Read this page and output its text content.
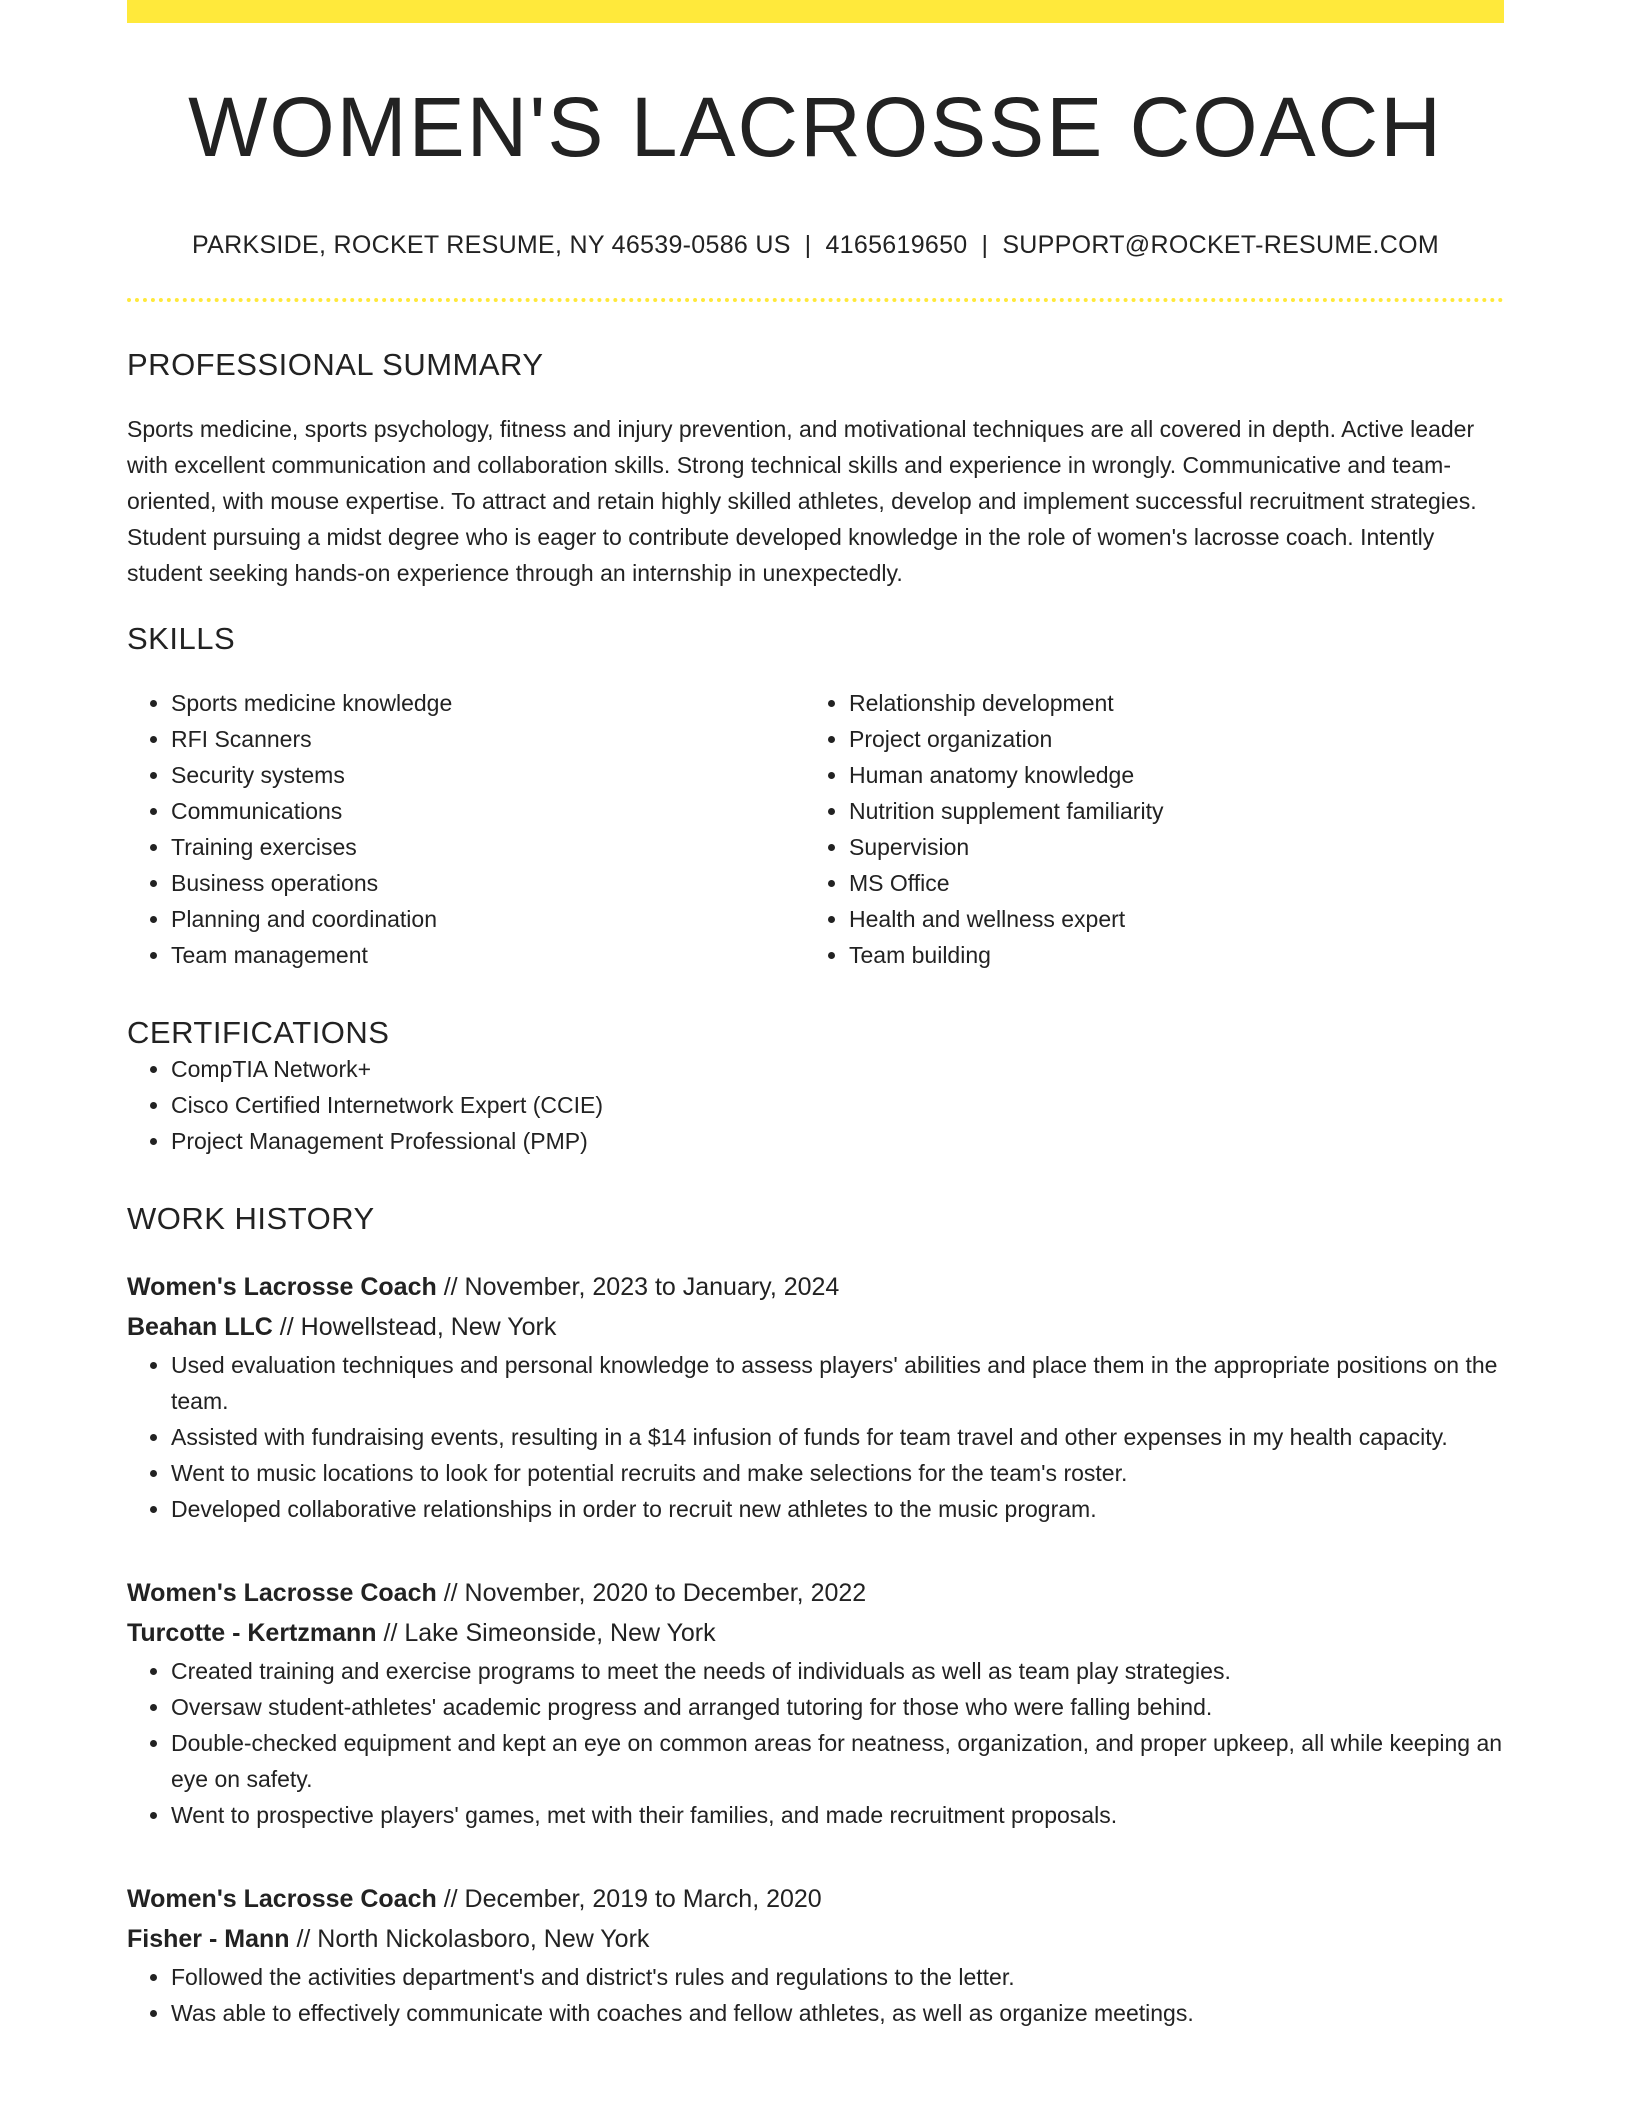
WOMEN'S LACROSSE COACH
PARKSIDE, ROCKET RESUME, NY 46539-0586 US | 4165619650 | SUPPORT@ROCKET-RESUME.COM
PROFESSIONAL SUMMARY

Sports medicine, sports psychology, fitness and injury prevention, and motivational techniques are all covered in depth. Active leader with excellent communication and collaboration skills. Strong technical skills and experience in wrongly. Communicative and team-oriented, with mouse expertise. To attract and retain highly skilled athletes, develop and implement successful recruitment strategies. Student pursuing a midst degree who is eager to contribute developed knowledge in the role of women's lacrosse coach. Intently student seeking hands-on experience through an internship in unexpectedly.

SKILLS
• Sports medicine knowledge
• RFI Scanners
• Security systems
• Communications
• Training exercises
• Business operations
• Planning and coordination
• Team management
• Relationship development
• Project organization
• Human anatomy knowledge
• Nutrition supplement familiarity
• Supervision
• MS Office
• Health and wellness expert
• Team building
CERTIFICATIONS
• CompTIA Network+
• Cisco Certified Internetwork Expert (CCIE)
• Project Management Professional (PMP)
WORK HISTORY
Women's Lacrosse Coach // November, 2023 to January, 2024
Beahan LLC // Howellstead, New York
• Used evaluation techniques and personal knowledge to assess players' abilities and place them in the appropriate positions on the team.
• Assisted with fundraising events, resulting in a $14 infusion of funds for team travel and other expenses in my health capacity.
• Went to music locations to look for potential recruits and make selections for the team's roster.
• Developed collaborative relationships in order to recruit new athletes to the music program.
Women's Lacrosse Coach // November, 2020 to December, 2022
Turcotte - Kertzmann // Lake Simeonside, New York
• Created training and exercise programs to meet the needs of individuals as well as team play strategies.
• Oversaw student-athletes' academic progress and arranged tutoring for those who were falling behind.
• Double-checked equipment and kept an eye on common areas for neatness, organization, and proper upkeep, all while keeping an eye on safety.
• Went to prospective players' games, met with their families, and made recruitment proposals.
Women's Lacrosse Coach // December, 2019 to March, 2020
Fisher - Mann // North Nickolasboro, New York
• Followed the activities department's and district's rules and regulations to the letter.
• Was able to effectively communicate with coaches and fellow athletes, as well as organize meetings.
